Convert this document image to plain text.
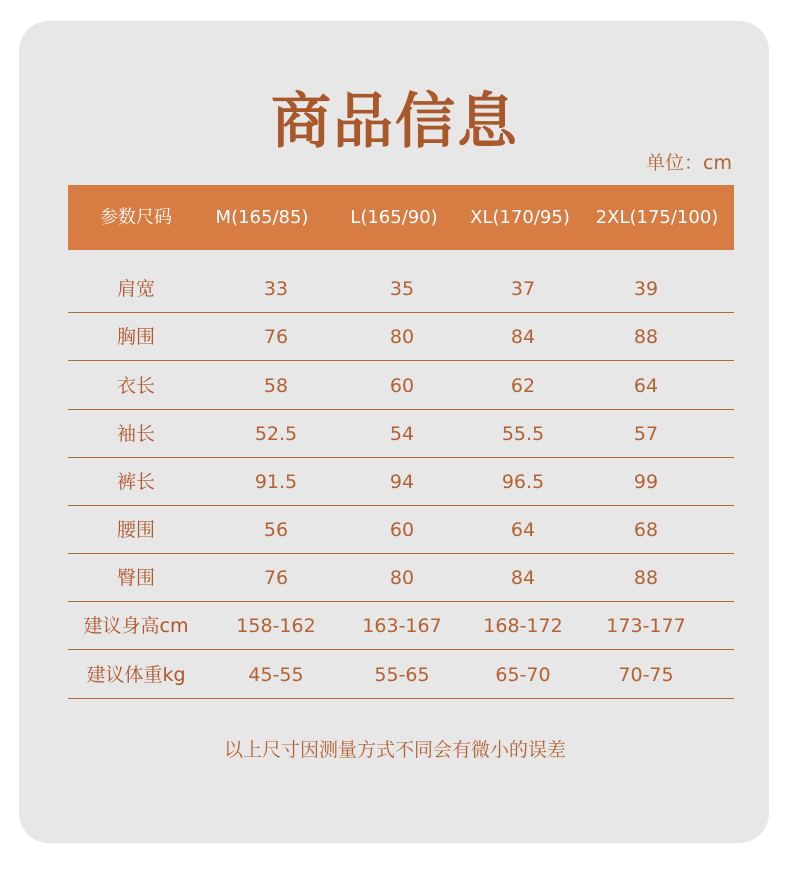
商品信息
单位：cm
参数尺码 M(165/85) L(165/90) XL(170/95) 2XL(175/100)
肩宽	33	35	37	39
胸围	76	80	84	88
衣长	58	60	62	64
袖长	52.5	54	55.5	57
裤长	91.5	94	96.5	99
腰围	56	60	64	68
臀围	76	80	84	88
建议身高cm	158-162 163-167 168-172 173-177
建议体重kg	45-55	55-65	65-70	70-75
以上尺寸因测量方式不同会有微小的误差
